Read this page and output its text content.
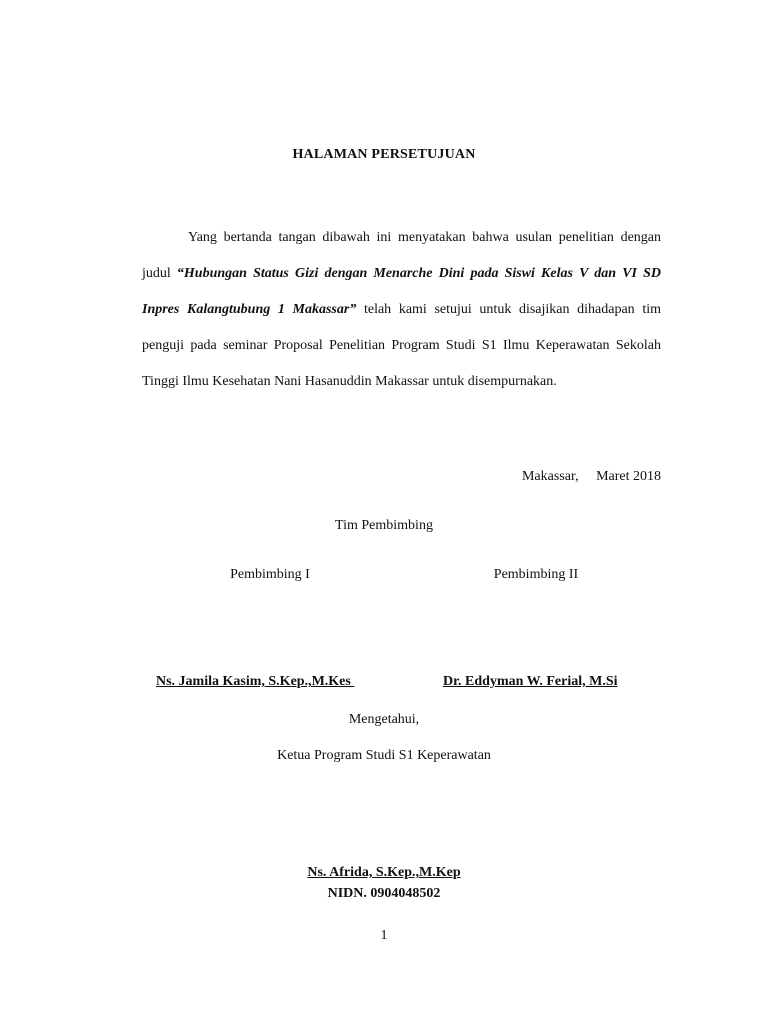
HALAMAN PERSETUJUAN

Yang bertanda tangan dibawah ini menyatakan bahwa usulan penelitian dengan judul “Hubungan Status Gizi dengan Menarche Dini pada Siswi Kelas V dan VI SD Inpres Kalangtubung 1 Makassar” telah kami setujui untuk disajikan dihadapan tim penguji pada seminar Proposal Penelitian Program Studi S1 Ilmu Keperawatan Sekolah Tinggi Ilmu Kesehatan Nani Hasanuddin Makassar untuk disempurnakan.

Makassar,     Maret 2018
Tim Pembimbing
Pembimbing I	Pembimbing II
Ns. Jamila Kasim, S.Kep.,M.Kes	Dr. Eddyman W. Ferial, M.Si
Mengetahui,
Ketua Program Studi S1 Keperawatan
Ns. Afrida, S.Kep.,M.Kep
NIDN. 0904048502
1
